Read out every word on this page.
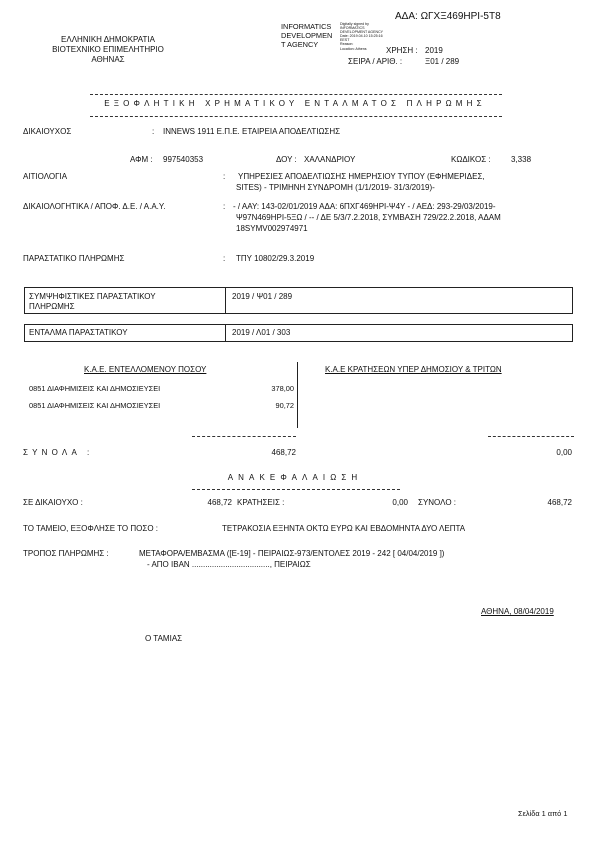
ΑΔΑ: ΩΓΧΞ469ΗΡΙ-5Τ8
ΕΛΛΗΝΙΚΗ ΔΗΜΟΚΡΑΤΙΑ
ΒΙΟΤΕΧΝΙΚΟ ΕΠΙΜΕΛΗΤΗΡΙΟ
ΑΘΗΝΑΣ
INFORMATICS
DEVELOPMEN
T AGENCY
Digitally signed by
INFORMATICS
DEVELOPMENT AGENCY
Date: 2019.04.10 15:25:16
EEST
Reason:
Location: Athens	ΧΡΗΣΗ : 2019
ΣΕΙΡΑ / ΑΡΙΘ. :	Ξ01 / 289
ΕΞΟΦΛΗΤΙΚΗ ΧΡΗΜΑΤΙΚΟΥ ΕΝΤΑΛΜΑΤΟΣ ΠΛΗΡΩΜΗΣ
ΔΙΚΑΙΟΥΧΟΣ	: INNEWS 1911 Ε.Π.Ε. ΕΤΑΙΡΕΙΑ ΑΠΟΔΕΛΤΙΩΣΗΣ
ΑΦΜ : 997540353	ΔΟΥ : ΧΑΛΑΝΔΡΙΟΥ	ΚΩΔΙΚΟΣ :	3,338
ΑΙΤΙΟΛΟΓΙΑ	: ΥΠΗΡΕΣΙΕΣ ΑΠΟΔΕΛΤΙΩΣΗΣ ΗΜΕΡΗΣΙΟΥ ΤΥΠΟΥ (ΕΦΗΜΕΡΙΔΕΣ,
SITES) - ΤΡΙΜΗΝΗ ΣΥΝΔΡΟΜΗ (1/1/2019- 31/3/2019)-
ΔΙΚΑΙΟΛΟΓΗΤΙΚΑ / ΑΠΟΦ. Δ.Ε. / Α.Α.Υ.	: - / ΑΑΥ: 143-02/01/2019 ΑΔΑ: 6ΠΧΓ469ΗΡΙ-Ψ4Υ - / ΑΕΔ: 293-29/03/2019-
Ψ97Ν469ΗΡΙ-5ΞΩ / -- / ΔΕ 5/3/7.2.2018, ΣΥΜΒΑΣΗ 729/22.2.2018, ΑΔΑΜ
18SYMV002974971
ΠΑΡΑΣΤΑΤΙΚΟ ΠΛΗΡΩΜΗΣ	: ΤΠΥ 10802/29.3.2019
ΣΥΜΨΗΦΙΣΤΙΚΕΣ ΠΑΡΑΣΤΑΤΙΚΟΥ
ΠΛΗΡΩΜΗΣ
2019 / Ψ01 / 289
ΕΝΤΑΛΜΑ ΠΑΡΑΣΤΑΤΙΚΟΥ	2019 / Λ01 / 303
Κ.Α.Ε. ΕΝΤΕΛΛΟΜΕΝΟΥ ΠΟΣΟΥ	Κ.Α.Ε ΚΡΑΤΗΣΕΩΝ ΥΠΕΡ ΔΗΜΟΣΙΟΥ & ΤΡΙΤΩΝ
0851 ΔΙΑΦΗΜΙΣΕΙΣ ΚΑΙ ΔΗΜΟΣΙΕΥΣΕΙ	378,00
0851 ΔΙΑΦΗΜΙΣΕΙΣ ΚΑΙ ΔΗΜΟΣΙΕΥΣΕΙ	90,72
ΣΥΝΟΛΑ :	468,72	0,00
ΑΝΑΚΕΦΑΛΑΙΩΣΗ
ΣΕ ΔΙΚΑΙΟΥΧΟ :	468,72 ΚΡΑΤΗΣΕΙΣ :	0,00 ΣΥΝΟΛΟ :	468,72
ΤΟ ΤΑΜΕΙΟ, ΕΞΟΦΛΗΣΕ ΤΟ ΠΟΣΟ :	ΤΕΤΡΑΚΟΣΙΑ ΕΞΗΝΤΑ ΟΚΤΩ ΕΥΡΩ ΚΑΙ ΕΒΔΟΜΗΝΤΑ ΔΥΟ ΛΕΠΤΑ
ΤΡΟΠΟΣ ΠΛΗΡΩΜΗΣ :	ΜΕΤΑΦΟΡΑ/ΕΜΒΑΣΜΑ ([Ε-19] - ΠΕΙΡΑΙΩΣ-973/ΕΝΤΟΛΕΣ 2019 - 242 [ 04/04/2019 ])
- ΑΠΟ IBAN ..................................., ΠΕΙΡΑΙΩΣ
ΑΘΗΝΑ, 08/04/2019
Ο ΤΑΜΙΑΣ
Σελίδα 1 από 1
